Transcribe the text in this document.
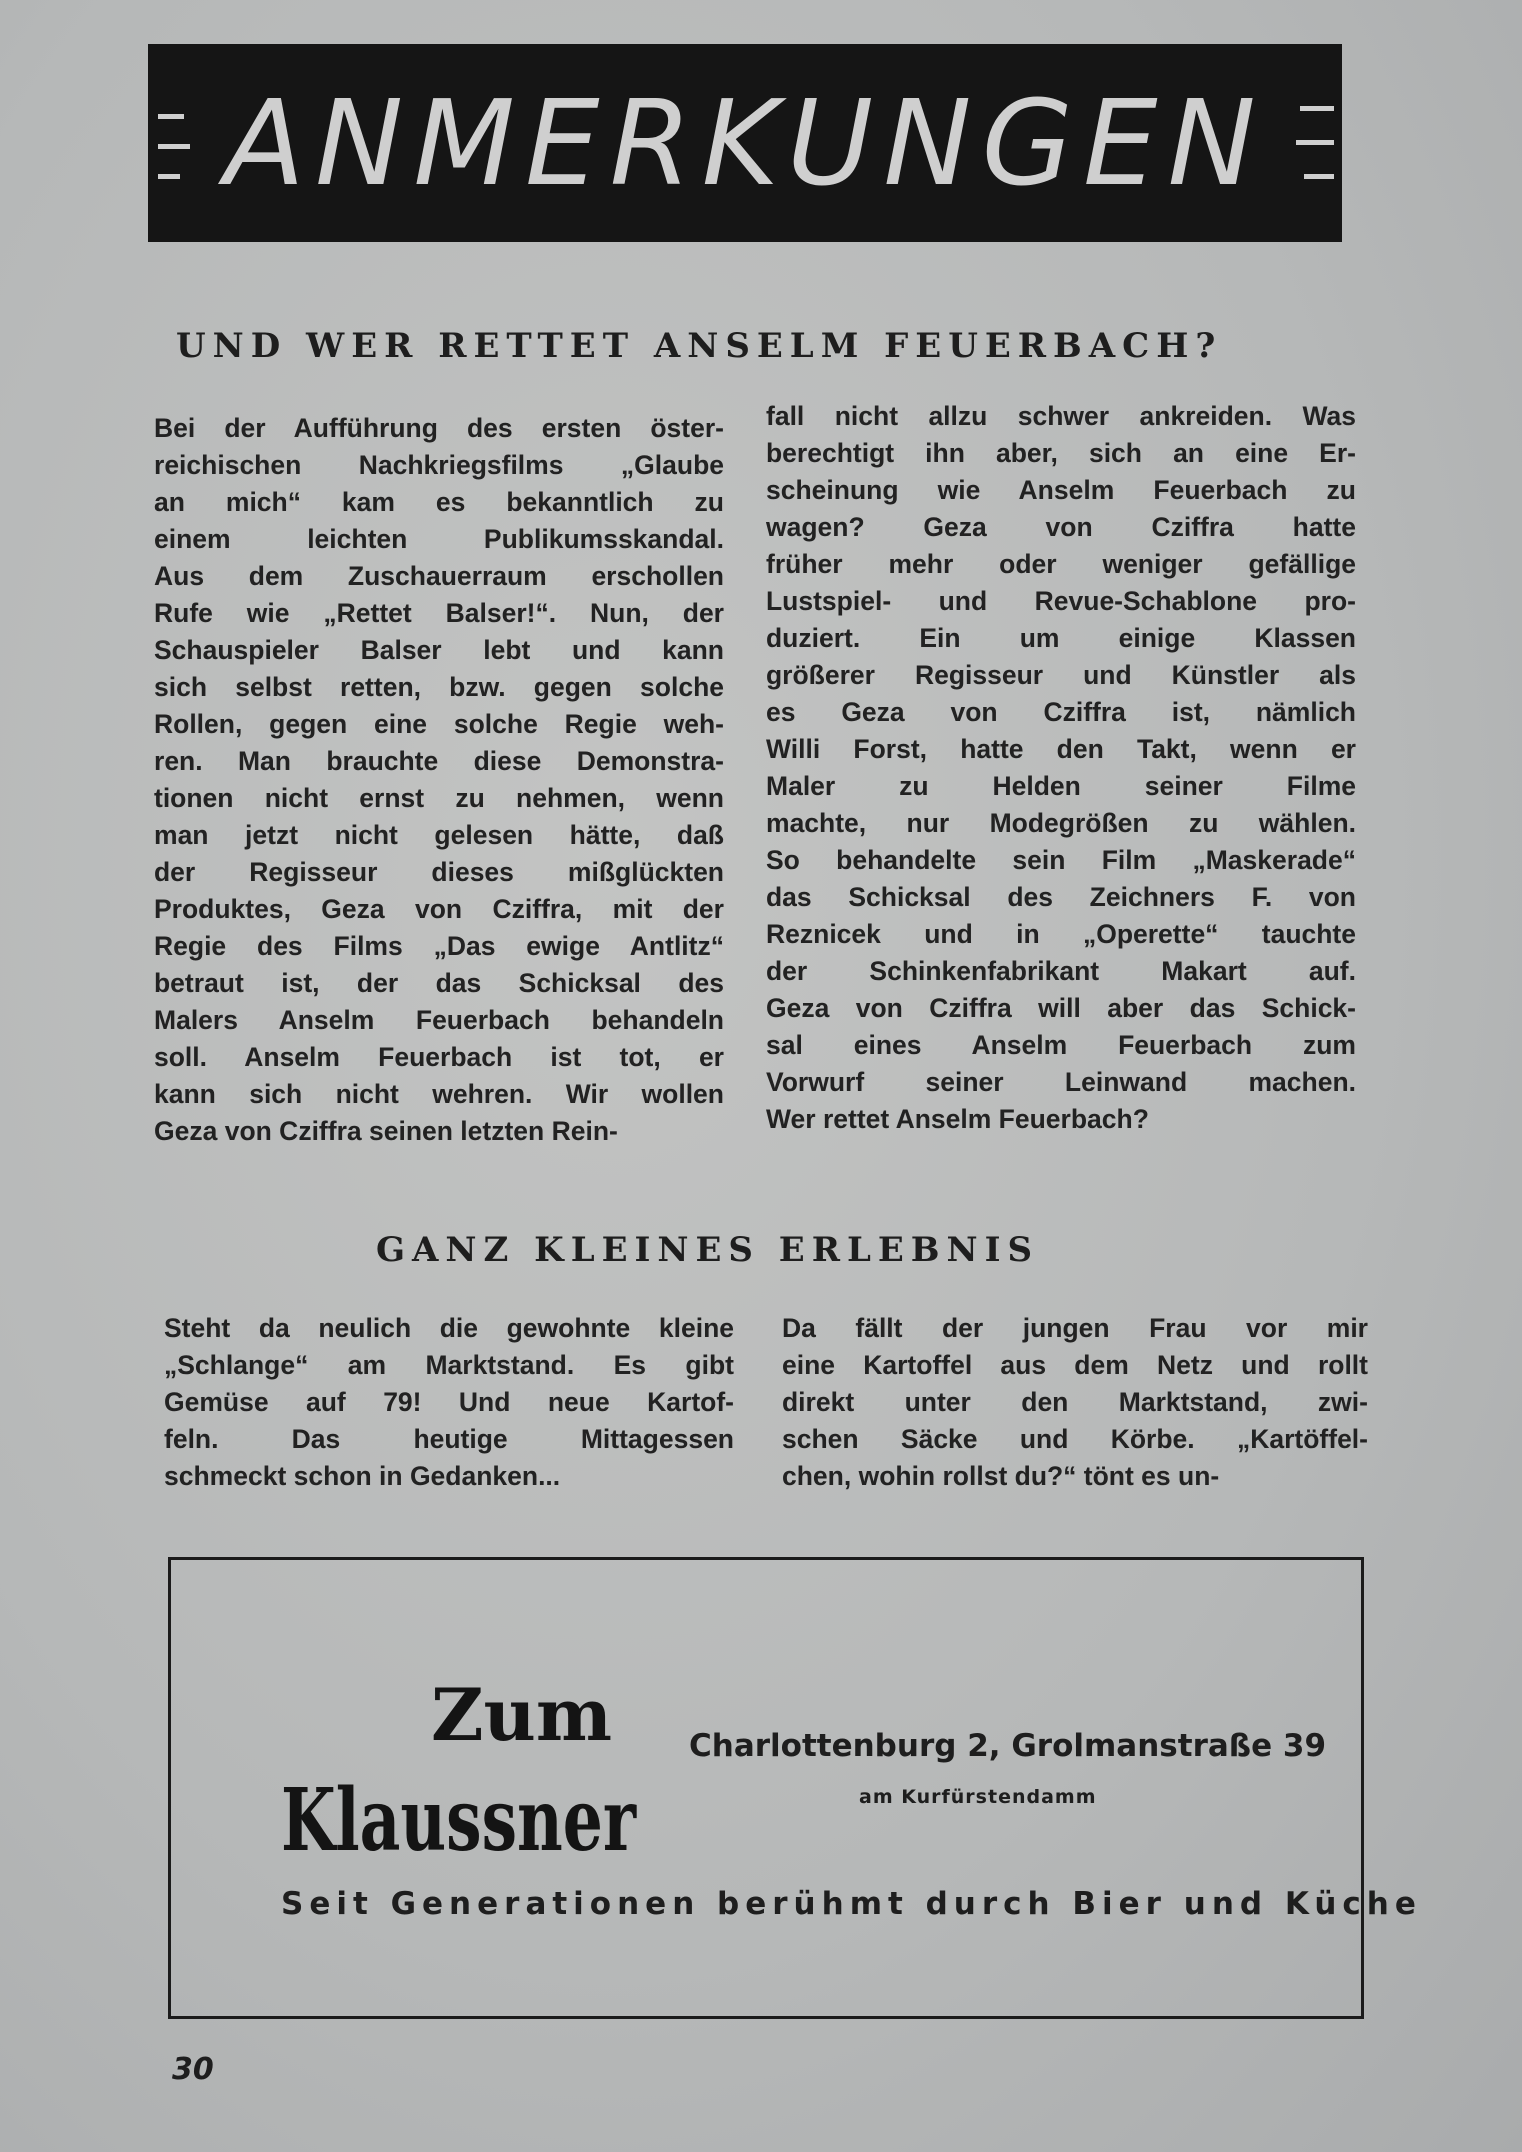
ANMERKUNGEN
UND WER RETTET ANSELM FEUERBACH?
Bei der Aufführung des ersten öster-
reichischen Nachkriegsfilms „Glaube
an mich“ kam es bekanntlich zu
einem leichten Publikumsskandal.
Aus dem Zuschauerraum erschollen
Rufe wie „Rettet Balser!“. Nun, der
Schauspieler Balser lebt und kann
sich selbst retten, bzw. gegen solche
Rollen, gegen eine solche Regie weh-
ren. Man brauchte diese Demonstra-
tionen nicht ernst zu nehmen, wenn
man jetzt nicht gelesen hätte, daß
der Regisseur dieses mißglückten
Produktes, Geza von Cziffra, mit der
Regie des Films „Das ewige Antlitz“
betraut ist, der das Schicksal des
Malers Anselm Feuerbach behandeln
soll. Anselm Feuerbach ist tot, er
kann sich nicht wehren. Wir wollen
Geza von Cziffra seinen letzten Rein-
fall nicht allzu schwer ankreiden. Was
berechtigt ihn aber, sich an eine Er-
scheinung wie Anselm Feuerbach zu
wagen? Geza von Cziffra hatte
früher mehr oder weniger gefällige
Lustspiel- und Revue-Schablone pro-
duziert. Ein um einige Klassen
größerer Regisseur und Künstler als
es Geza von Cziffra ist, nämlich
Willi Forst, hatte den Takt, wenn er
Maler zu Helden seiner Filme
machte, nur Modegrößen zu wählen.
So behandelte sein Film „Maskerade“
das Schicksal des Zeichners F. von
Reznicek und in „Operette“ tauchte
der Schinkenfabrikant Makart auf.
Geza von Cziffra will aber das Schick-
sal eines Anselm Feuerbach zum
Vorwurf seiner Leinwand machen.
Wer rettet Anselm Feuerbach?
GANZ KLEINES ERLEBNIS
Steht da neulich die gewohnte kleine
„Schlange“ am Marktstand. Es gibt
Gemüse auf 79! Und neue Kartof-
feln. Das heutige Mittagessen
schmeckt schon in Gedanken...
Da fällt der jungen Frau vor mir
eine Kartoffel aus dem Netz und rollt
direkt unter den Marktstand, zwi-
schen Säcke und Körbe. „Kartöffel-
chen, wohin rollst du?“ tönt es un-
Zum
Klaussner
Charlottenburg 2, Grolmanstraße 39
am Kurfürstendamm
Seit Generationen berühmt durch Bier und Küche
30
